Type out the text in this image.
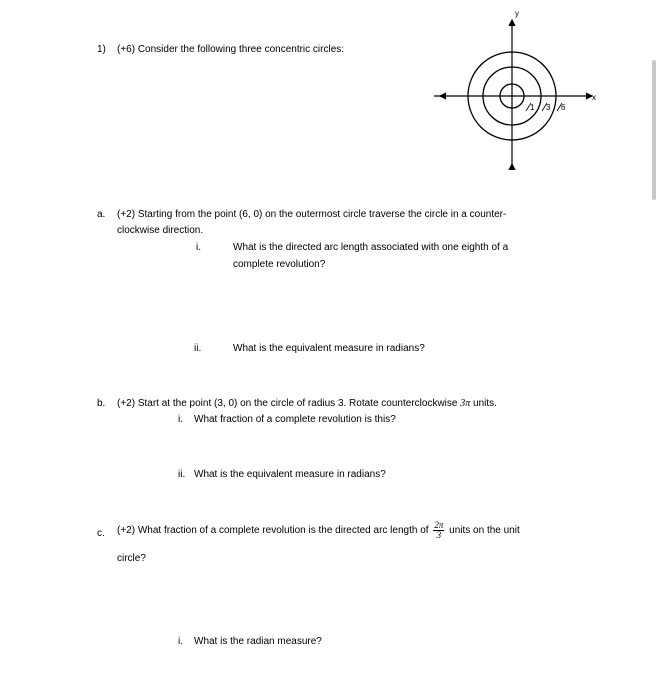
1) (+6) Consider the following three concentric circles:
y
x
1 3 6
a. (+2) Starting from the point (6, 0) on the outermost circle traverse the circle in a counter-
clockwise direction.
i.	What is the directed arc length associated with one eighth of a
complete revolution?
ii.	What is the equivalent measure in radians?
b. (+2) Start at the point (3, 0) on the circle of radius 3. Rotate counterclockwise 3π units.
i. What fraction of a complete revolution is this?
ii. What is the equivalent measure in radians?
c. (+2) What fraction of a complete revolution is the directed arc length of $\frac{2\pi}{3}$ units on the unit
circle?
i. What is the radian measure?
